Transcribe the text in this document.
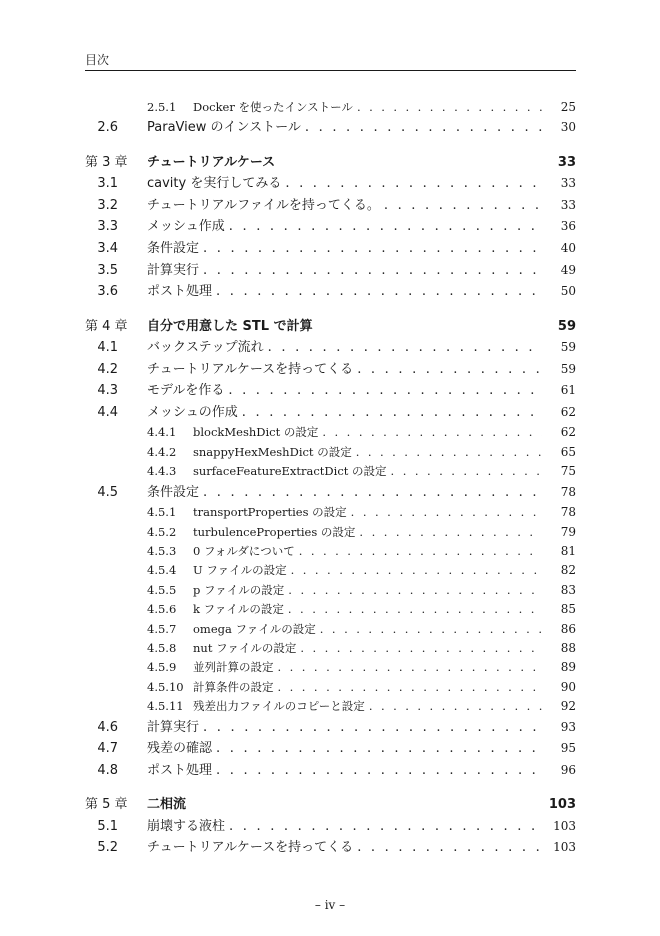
目次
2.5.1	Docker を使ったインストール . . .	25
2.6 ParaView のインストール . . .	30
第 3 章	チュートリアルケース	33
3.1 cavity を実行してみる . . .	33
3.2 チュートリアルファイルを持ってくる。 . . .	33
3.3 メッシュ作成 . . .	36
3.4 条件設定 . . .	40
3.5 計算実行 . . .	49
3.6 ポスト処理 . . .	50
第 4 章	自分で用意した STL で計算	59
4.1 バックステップ流れ . . .	59
4.2 チュートリアルケースを持ってくる . . .	59
4.3 モデルを作る . . .	61
4.4 メッシュの作成 . . .	62
4.4.1	blockMeshDict の設定 . . .	62
4.4.2	snappyHexMeshDict の設定 . . .	65
4.4.3	surfaceFeatureExtractDict の設定 . . .	75
4.5 条件設定 . . .	78
4.5.1	transportProperties の設定 . . .	78
4.5.2	turbulenceProperties の設定 . . .	79
4.5.3	0 フォルダについて . . .	81
4.5.4	U ファイルの設定 . . .	82
4.5.5	p ファイルの設定 . . .	83
4.5.6	k ファイルの設定 . . .	85
4.5.7	omega ファイルの設定 . . .	86
4.5.8	nut ファイルの設定 . . .	88
4.5.9	並列計算の設定 . . .	89
4.5.10 計算条件の設定 . . .	90
4.5.11 残差出力ファイルのコピーと設定 . . .	92
4.6 計算実行 . . .	93
4.7 残差の確認 . . .	95
4.8 ポスト処理 . . .	96
第 5 章	二相流	103
5.1 崩壊する液柱 . . .	103
5.2 チュートリアルケースを持ってくる . . .	103
– iv –
